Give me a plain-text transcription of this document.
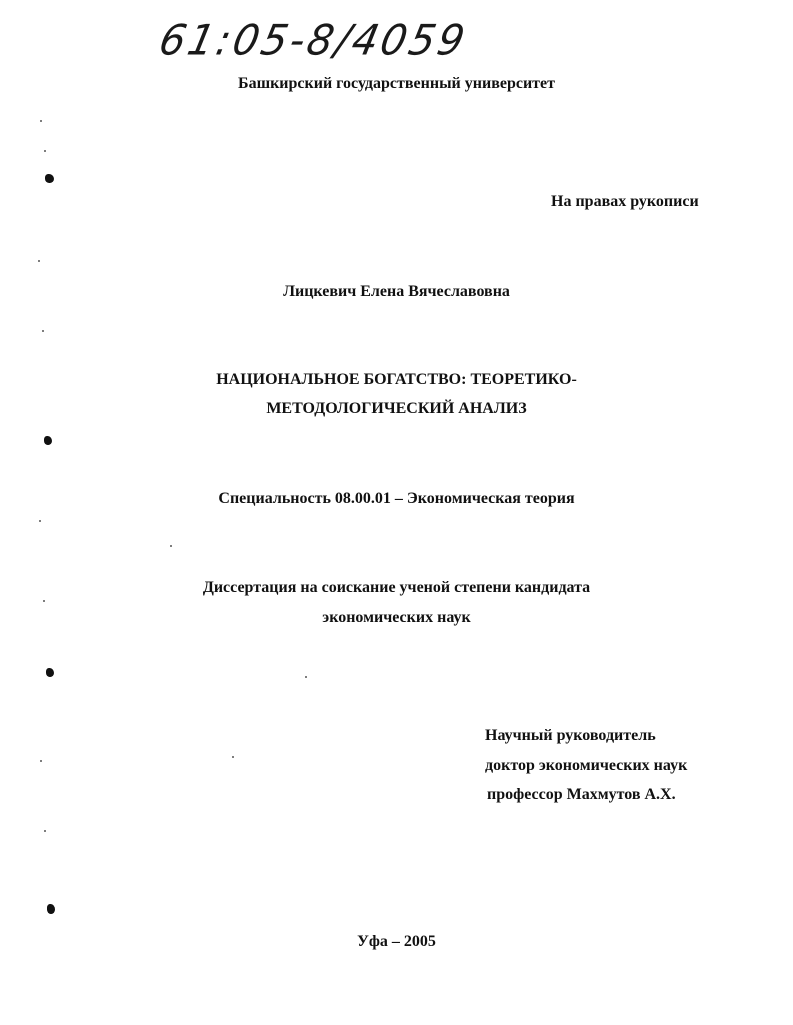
61:05-8/4059
Башкирский государственный университет
На правах рукописи
Лицкевич Елена Вячеславовна
НАЦИОНАЛЬНОЕ БОГАТСТВО: ТЕОРЕТИКО-
МЕТОДОЛОГИЧЕСКИЙ АНАЛИЗ
Специальность 08.00.01 – Экономическая теория
Диссертация на соискание ученой степени кандидата
экономических наук
Научный руководитель
доктор экономических наук
профессор Махмутов А.Х.
Уфа – 2005
